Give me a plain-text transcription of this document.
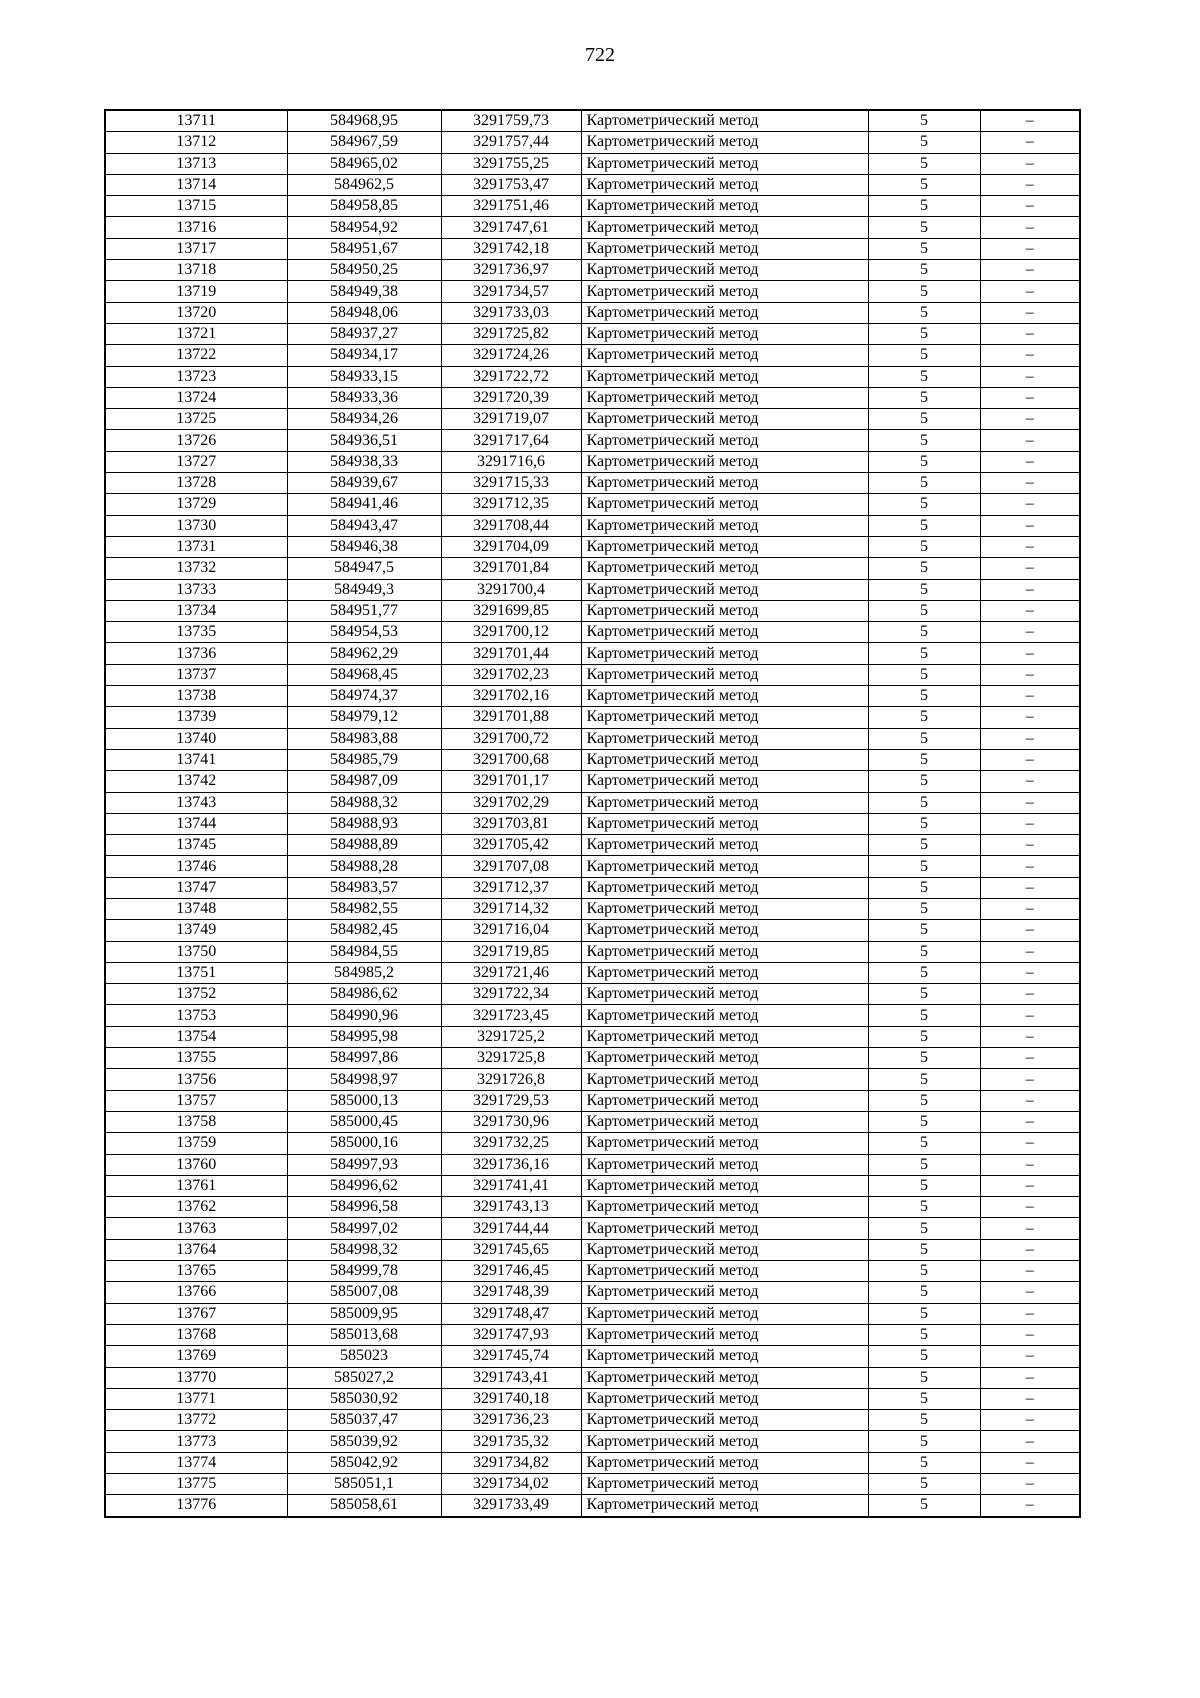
722
13711	584968,95	3291759,73	Картометрический метод	5	–
13712	584967,59	3291757,44	Картометрический метод	5	–
13713	584965,02	3291755,25	Картометрический метод	5	–
13714	584962,5	3291753,47	Картометрический метод	5	–
13715	584958,85	3291751,46	Картометрический метод	5	–
13716	584954,92	3291747,61	Картометрический метод	5	–
13717	584951,67	3291742,18	Картометрический метод	5	–
13718	584950,25	3291736,97	Картометрический метод	5	–
13719	584949,38	3291734,57	Картометрический метод	5	–
13720	584948,06	3291733,03	Картометрический метод	5	–
13721	584937,27	3291725,82	Картометрический метод	5	–
13722	584934,17	3291724,26	Картометрический метод	5	–
13723	584933,15	3291722,72	Картометрический метод	5	–
13724	584933,36	3291720,39	Картометрический метод	5	–
13725	584934,26	3291719,07	Картометрический метод	5	–
13726	584936,51	3291717,64	Картометрический метод	5	–
13727	584938,33	3291716,6	Картометрический метод	5	–
13728	584939,67	3291715,33	Картометрический метод	5	–
13729	584941,46	3291712,35	Картометрический метод	5	–
13730	584943,47	3291708,44	Картометрический метод	5	–
13731	584946,38	3291704,09	Картометрический метод	5	–
13732	584947,5	3291701,84	Картометрический метод	5	–
13733	584949,3	3291700,4	Картометрический метод	5	–
13734	584951,77	3291699,85	Картометрический метод	5	–
13735	584954,53	3291700,12	Картометрический метод	5	–
13736	584962,29	3291701,44	Картометрический метод	5	–
13737	584968,45	3291702,23	Картометрический метод	5	–
13738	584974,37	3291702,16	Картометрический метод	5	–
13739	584979,12	3291701,88	Картометрический метод	5	–
13740	584983,88	3291700,72	Картометрический метод	5	–
13741	584985,79	3291700,68	Картометрический метод	5	–
13742	584987,09	3291701,17	Картометрический метод	5	–
13743	584988,32	3291702,29	Картометрический метод	5	–
13744	584988,93	3291703,81	Картометрический метод	5	–
13745	584988,89	3291705,42	Картометрический метод	5	–
13746	584988,28	3291707,08	Картометрический метод	5	–
13747	584983,57	3291712,37	Картометрический метод	5	–
13748	584982,55	3291714,32	Картометрический метод	5	–
13749	584982,45	3291716,04	Картометрический метод	5	–
13750	584984,55	3291719,85	Картометрический метод	5	–
13751	584985,2	3291721,46	Картометрический метод	5	–
13752	584986,62	3291722,34	Картометрический метод	5	–
13753	584990,96	3291723,45	Картометрический метод	5	–
13754	584995,98	3291725,2	Картометрический метод	5	–
13755	584997,86	3291725,8	Картометрический метод	5	–
13756	584998,97	3291726,8	Картометрический метод	5	–
13757	585000,13	3291729,53	Картометрический метод	5	–
13758	585000,45	3291730,96	Картометрический метод	5	–
13759	585000,16	3291732,25	Картометрический метод	5	–
13760	584997,93	3291736,16	Картометрический метод	5	–
13761	584996,62	3291741,41	Картометрический метод	5	–
13762	584996,58	3291743,13	Картометрический метод	5	–
13763	584997,02	3291744,44	Картометрический метод	5	–
13764	584998,32	3291745,65	Картометрический метод	5	–
13765	584999,78	3291746,45	Картометрический метод	5	–
13766	585007,08	3291748,39	Картометрический метод	5	–
13767	585009,95	3291748,47	Картометрический метод	5	–
13768	585013,68	3291747,93	Картометрический метод	5	–
13769	585023	3291745,74	Картометрический метод	5	–
13770	585027,2	3291743,41	Картометрический метод	5	–
13771	585030,92	3291740,18	Картометрический метод	5	–
13772	585037,47	3291736,23	Картометрический метод	5	–
13773	585039,92	3291735,32	Картометрический метод	5	–
13774	585042,92	3291734,82	Картометрический метод	5	–
13775	585051,1	3291734,02	Картометрический метод	5	–
13776	585058,61	3291733,49	Картометрический метод	5	–
